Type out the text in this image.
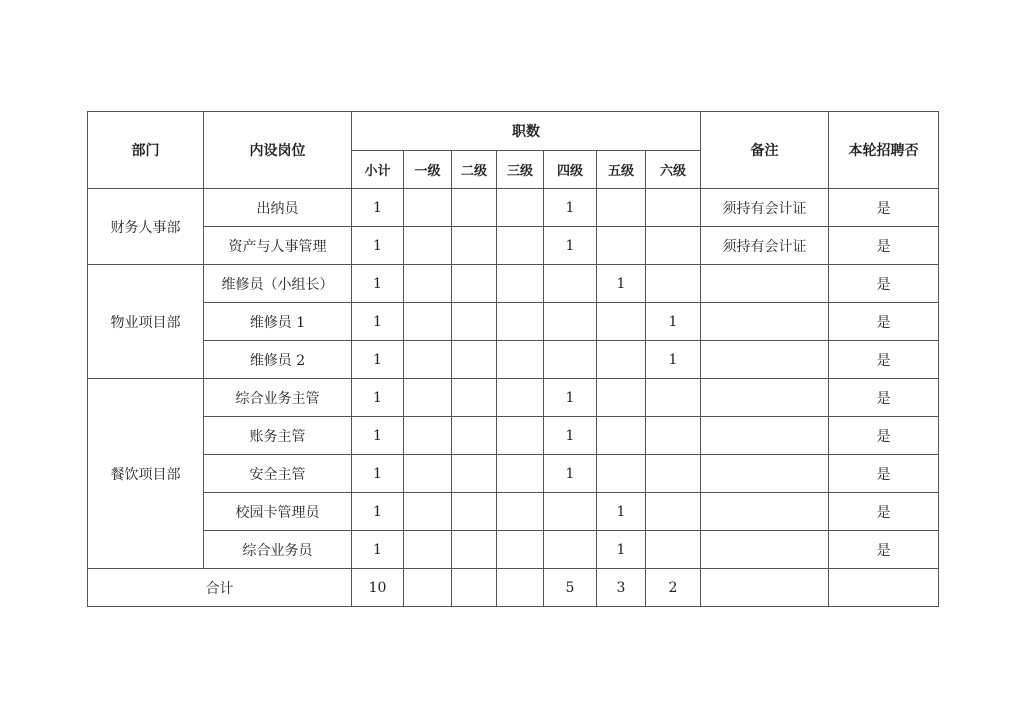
部门	内设岗位	职数							备注	本轮招聘否
		小计	一级	二级	三级	四级	五级	六级		
财务人事部	出纳员	1				1			须持有会计证	是
	资产与人事管理	1				1			须持有会计证	是
物业项目部	维修员（小组长）	1					1			是
	维修员 1	1						1		是
	维修员 2	1						1		是
餐饮项目部	综合业务主管	1				1				是
	账务主管	1				1				是
	安全主管	1				1				是
	校园卡管理员	1					1			是
	综合业务员	1					1			是
合计		10				5	3	2		
